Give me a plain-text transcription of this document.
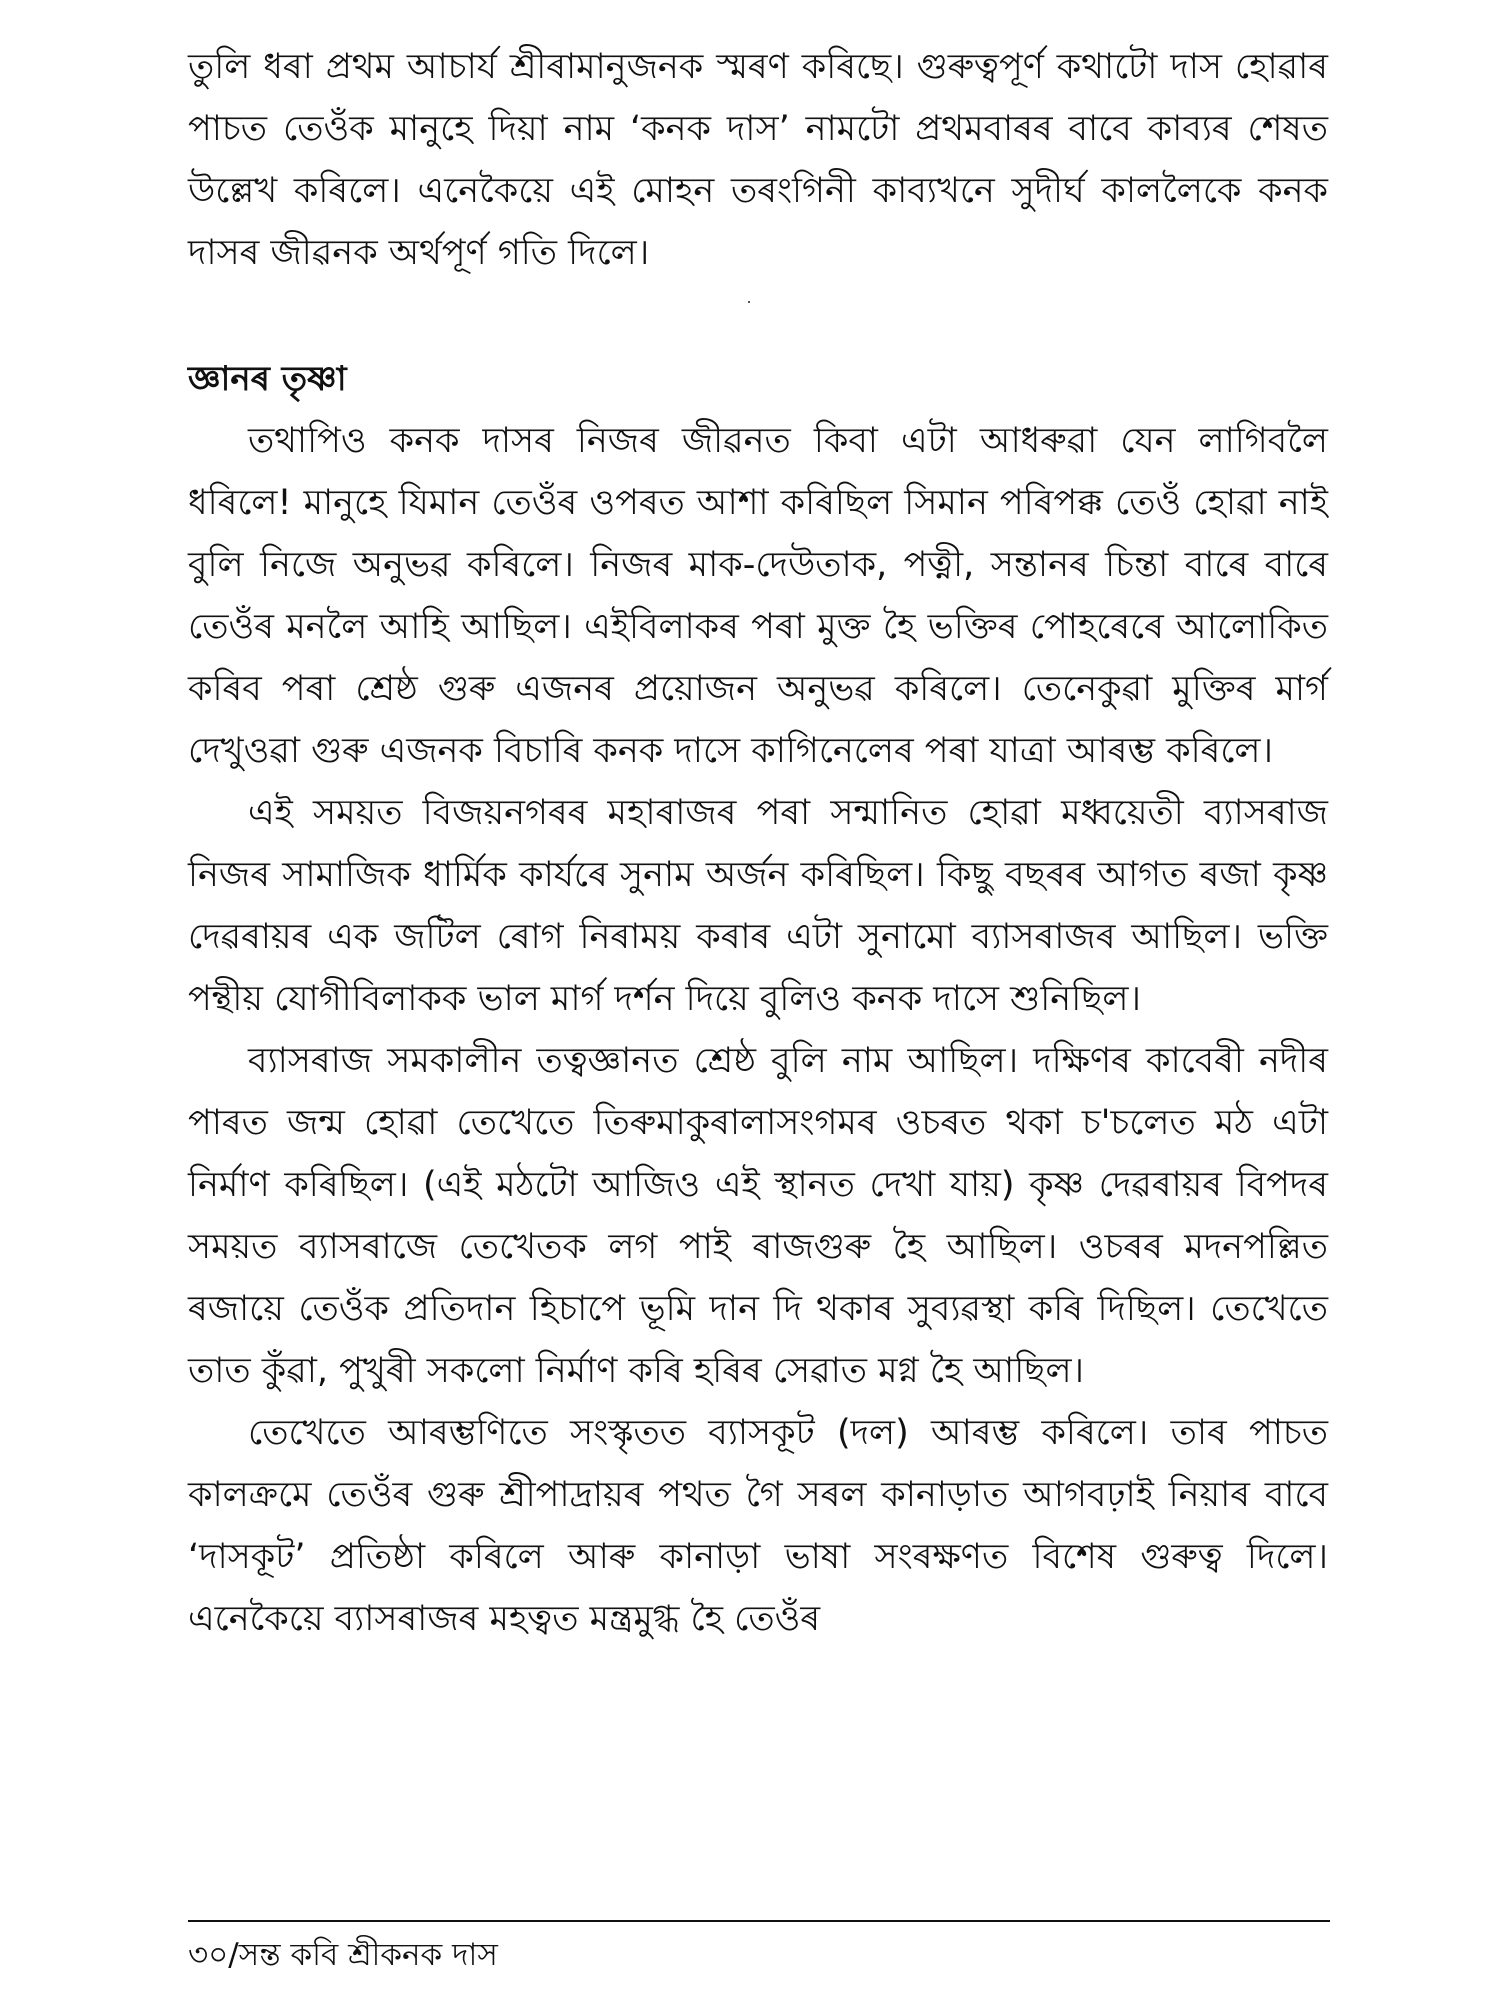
তুলি ধৰা প্ৰথম আচাৰ্য শ্ৰীৰামানুজনক স্মৰণ কৰিছে। গুৰুত্বপূৰ্ণ কথাটো দাস হোৱাৰ পাচত তেওঁক মানুহে দিয়া নাম ‘কনক দাস’ নামটো প্ৰথমবাৰৰ বাবে কাব্যৰ শেষত উল্লেখ কৰিলে। এনেকৈয়ে এই মোহন তৰংগিনী কাব্যখনে সুদীৰ্ঘ কাললৈকে কনক দাসৰ জীৱনক অৰ্থপূৰ্ণ গতি দিলে।

জ্ঞানৰ তৃষ্ণা

তথাপিও কনক দাসৰ নিজৰ জীৱনত কিবা এটা আধৰুৱা যেন লাগিবলৈ ধৰিলে! মানুহে যিমান তেওঁৰ ওপৰত আশা কৰিছিল সিমান পৰিপক্ক তেওঁ হোৱা নাই বুলি নিজে অনুভৱ কৰিলে। নিজৰ মাক-দেউতাক, পত্নী, সন্তানৰ চিন্তা বাৰে বাৰে তেওঁৰ মনলৈ আহি আছিল। এইবিলাকৰ পৰা মুক্ত হৈ ভক্তিৰ পোহৰেৰে আলোকিত কৰিব পৰা শ্ৰেষ্ঠ গুৰু এজনৰ প্ৰয়োজন অনুভৱ কৰিলে। তেনেকুৱা মুক্তিৰ মাৰ্গ দেখুওৱা গুৰু এজনক বিচাৰি কনক দাসে কাগিনেলেৰ পৰা যাত্ৰা আৰম্ভ কৰিলে।

এই সময়ত বিজয়নগৰৰ মহাৰাজৰ পৰা সন্মানিত হোৱা মধ্বয়েতী ব্যাসৰাজ নিজৰ সামাজিক ধাৰ্মিক কাৰ্যৰে সুনাম অৰ্জন কৰিছিল। কিছু বছৰৰ আগত ৰজা কৃষ্ণ দেৱৰায়ৰ এক জটিল ৰোগ নিৰাময় কৰাৰ এটা সুনামো ব্যাসৰাজৰ আছিল। ভক্তি পন্থীয় যোগীবিলাকক ভাল মাৰ্গ দৰ্শন দিয়ে বুলিও কনক দাসে শুনিছিল।

ব্যাসৰাজ সমকালীন তত্বজ্ঞানত শ্ৰেষ্ঠ বুলি নাম আছিল। দক্ষিণৰ কাবেৰী নদীৰ পাৰত জন্ম হোৱা তেখেতে তিৰুমাকুৰালাসংগমৰ ওচৰত থকা চ'চলেত মঠ এটা নিৰ্মাণ কৰিছিল। (এই মঠটো আজিও এই স্থানত দেখা যায়) কৃষ্ণ দেৱৰায়ৰ বিপদৰ সময়ত ব্যাসৰাজে তেখেতক লগ পাই ৰাজগুৰু হৈ আছিল। ওচৰৰ মদনপল্লিত ৰজায়ে তেওঁক প্ৰতিদান হিচাপে ভূমি দান দি থকাৰ সুব্যৱস্থা কৰি দিছিল। তেখেতে তাত কুঁৱা, পুখুৰী সকলো নিৰ্মাণ কৰি হৰিৰ সেৱাত মগ্ন হৈ আছিল।

তেখেতে আৰম্ভণিতে সংস্কৃতত ব্যাসকূট (দল) আৰম্ভ কৰিলে। তাৰ পাচত কালক্ৰমে তেওঁৰ গুৰু শ্ৰীপাদ্ৰায়ৰ পথত গৈ সৰল কানাড়াত আগবঢ়াই নিয়াৰ বাবে ‘দাসকূট’ প্ৰতিষ্ঠা কৰিলে আৰু কানাড়া ভাষা সংৰক্ষণত বিশেষ গুৰুত্ব দিলে। এনেকৈয়ে ব্যাসৰাজৰ মহত্বত মন্ত্ৰমুগ্ধ হৈ তেওঁৰ

৩০/সন্ত কবি শ্ৰীকনক দাস
